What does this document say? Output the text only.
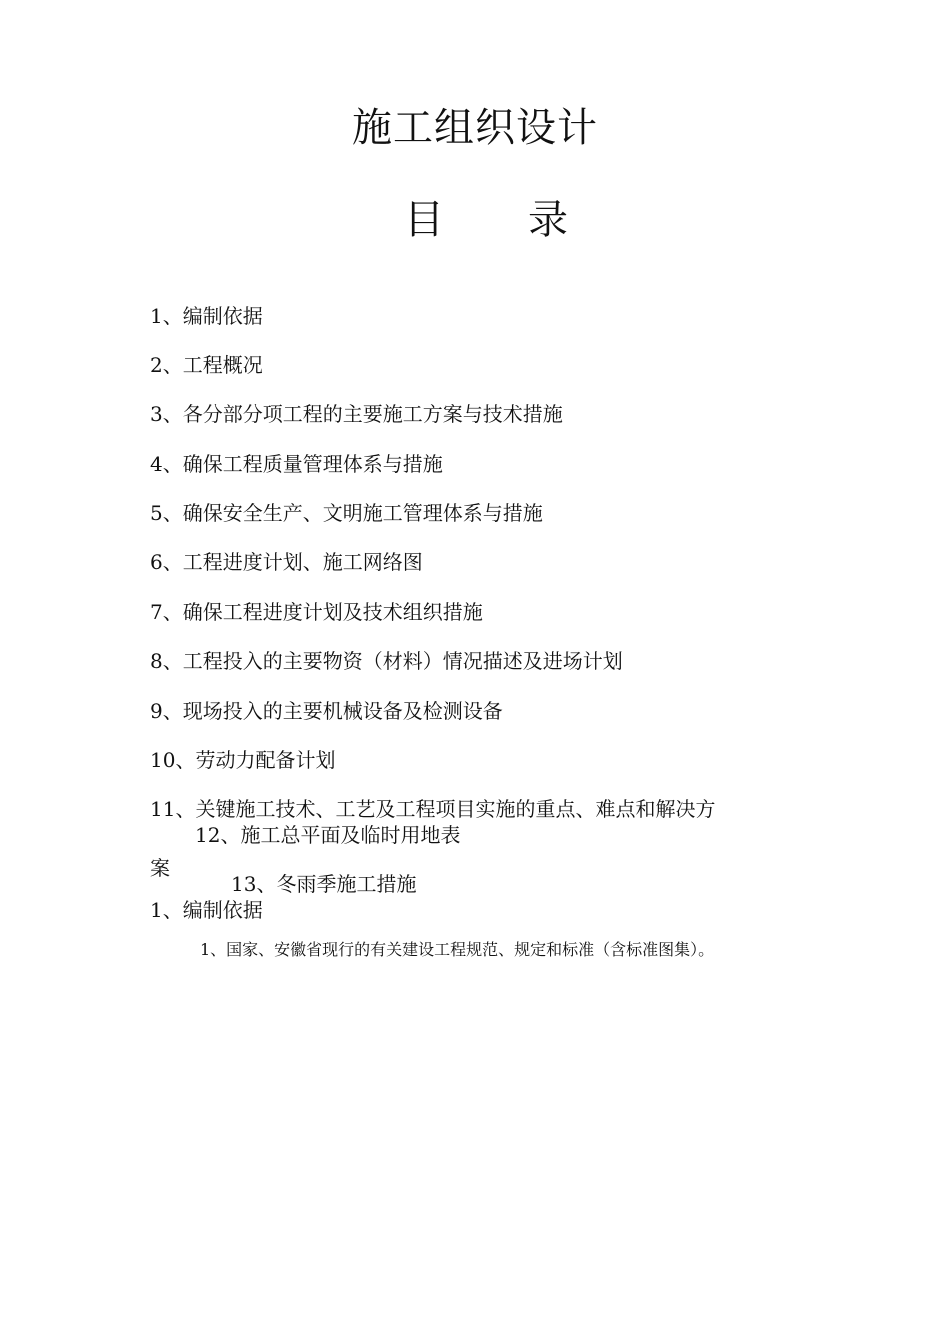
施工组织设计
目录
1、编制依据
2、工程概况
3、各分部分项工程的主要施工方案与技术措施
4、确保工程质量管理体系与措施
5、确保安全生产、文明施工管理体系与措施
6、工程进度计划、施工网络图
7、确保工程进度计划及技术组织措施
8、工程投入的主要物资（材料）情况描述及进场计划
9、现场投入的主要机械设备及检测设备
10、劳动力配备计划
11、关键施工技术、工艺及工程项目实施的重点、难点和解决方
12、施工总平面及临时用地表
案
13、冬雨季施工措施
1、编制依据
1、国家、安徽省现行的有关建设工程规范、规定和标准（含标准图集）。
